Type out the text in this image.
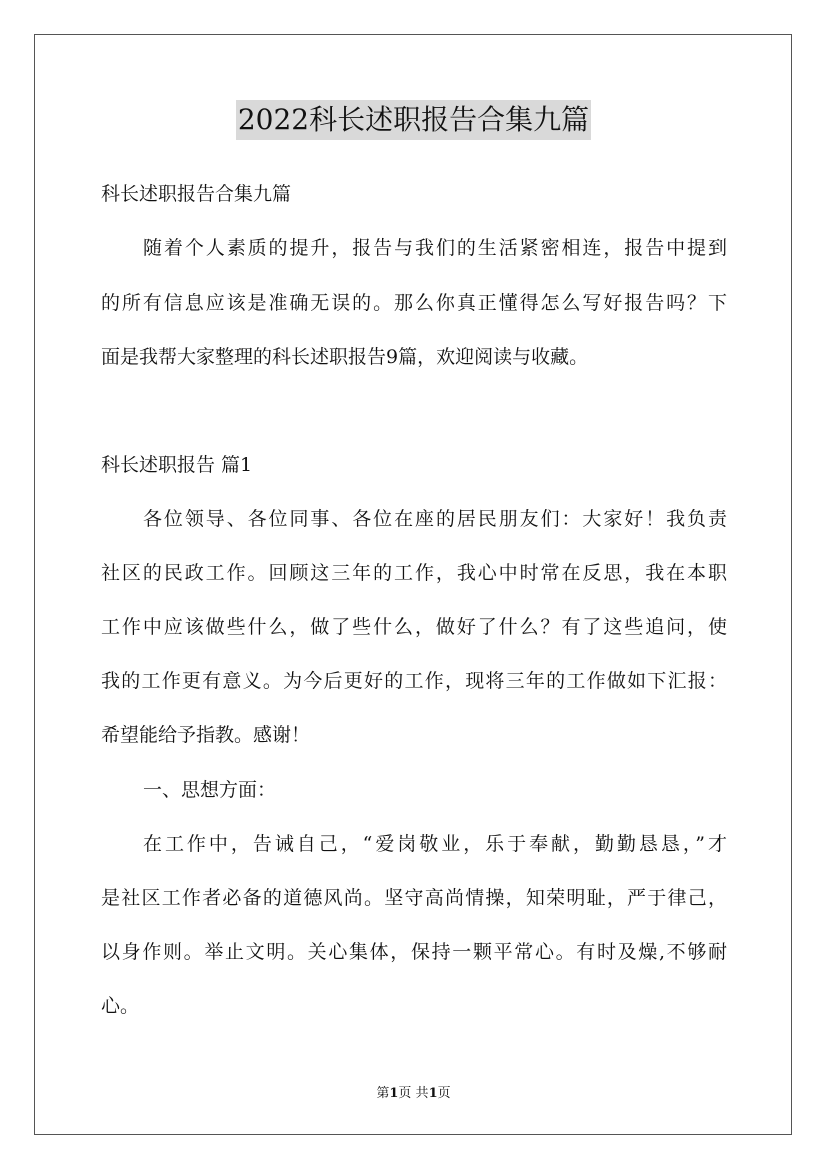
2022科长述职报告合集九篇
科长述职报告合集九篇
随着个人素质的提升，报告与我们的生活紧密相连，报告中提到
的所有信息应该是准确无误的。那么你真正懂得怎么写好报告吗？下
面是我帮大家整理的科长述职报告9篇，欢迎阅读与收藏。
科长述职报告 篇1
各位领导、各位同事、各位在座的居民朋友们：大家好！我负责
社区的民政工作。回顾这三年的工作，我心中时常在反思，我在本职
工作中应该做些什么，做了些什么，做好了什么？有了这些追问，使
我的工作更有意义。为今后更好的工作，现将三年的工作做如下汇报：
希望能给予指教。感谢！
一、思想方面：
在工作中，告诫自己，“爱岗敬业，乐于奉献，勤勤恳恳，”才
是社区工作者必备的道德风尚。坚守高尚情操，知荣明耻，严于律己，
以身作则。举止文明。关心集体，保持一颗平常心。有时及燥,不够耐
心。
第1页 共1页
